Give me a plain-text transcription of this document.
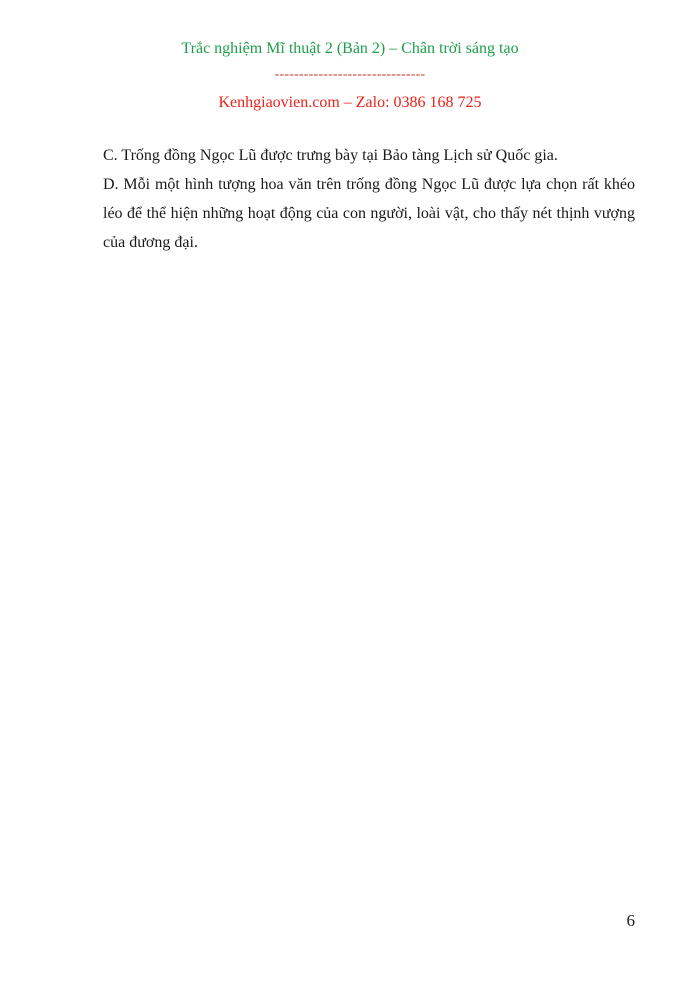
Trắc nghiệm Mĩ thuật 2 (Bản 2) – Chân trời sáng tạo
-------------------------------
Kenhgiaovien.com – Zalo: 0386 168 725

C. Trống đồng Ngọc Lũ được trưng bày tại Bảo tàng Lịch sử Quốc gia.

D. Mỗi một hình tượng hoa văn trên trống đồng Ngọc Lũ được lựa chọn rất khéo léo để thể hiện những hoạt động của con người, loài vật, cho thấy nét thịnh vượng của đương đại.

6
